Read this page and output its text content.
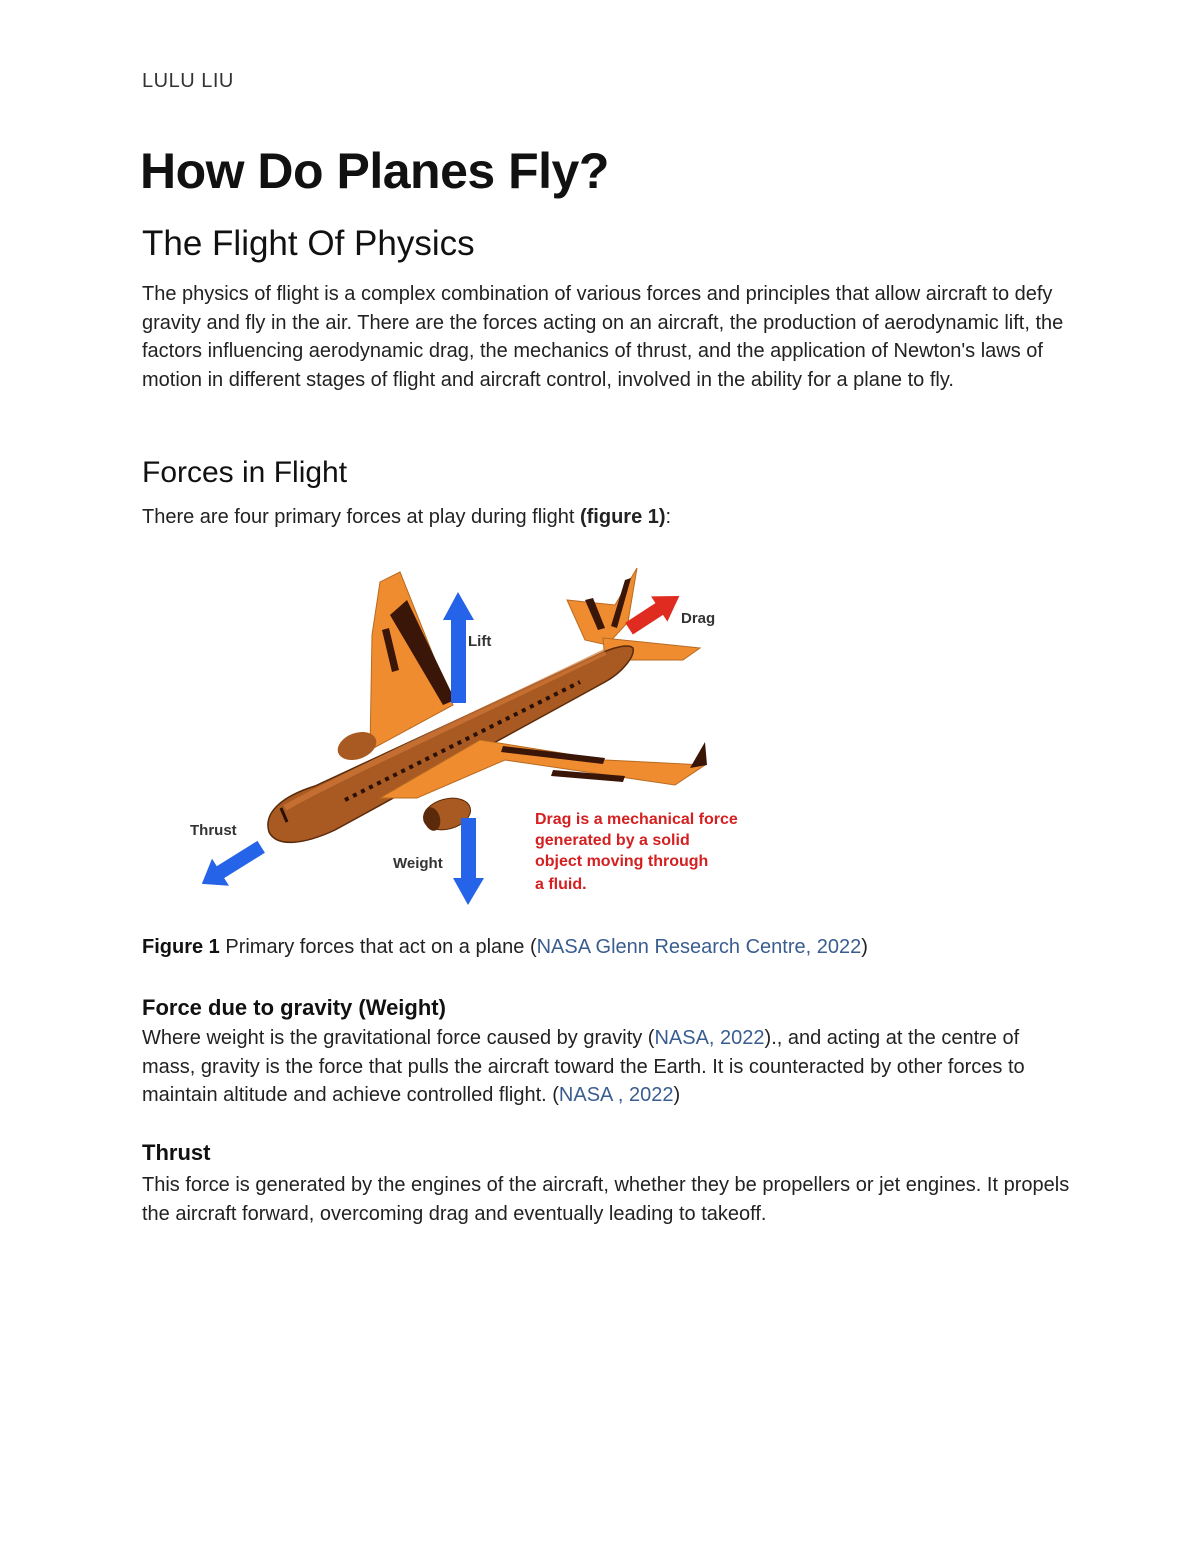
LULU LIU
How Do Planes Fly?
The Flight Of Physics

The physics of flight is a complex combination of various forces and principles that allow aircraft to defy gravity and fly in the air. There are the forces acting on an aircraft, the production of aerodynamic lift, the factors influencing aerodynamic drag, the mechanics of thrust, and the application of Newton's laws of motion in different stages of flight and aircraft control, involved in the ability for a plane to fly.

Forces in Flight

There are four primary forces at play during flight (figure 1):

Lift
Drag
Thrust
Weight
Drag is a mechanical force
generated by a solid
object moving through
a fluid.

Figure 1 Primary forces that act on a plane (NASA Glenn Research Centre, 2022)

Force due to gravity (Weight)

Where weight is the gravitational force caused by gravity (NASA, 2022)., and acting at the centre of mass, gravity is the force that pulls the aircraft toward the Earth. It is counteracted by other forces to maintain altitude and achieve controlled flight. (NASA , 2022)

Thrust

This force is generated by the engines of the aircraft, whether they be propellers or jet engines. It propels the aircraft forward, overcoming drag and eventually leading to takeoff.
